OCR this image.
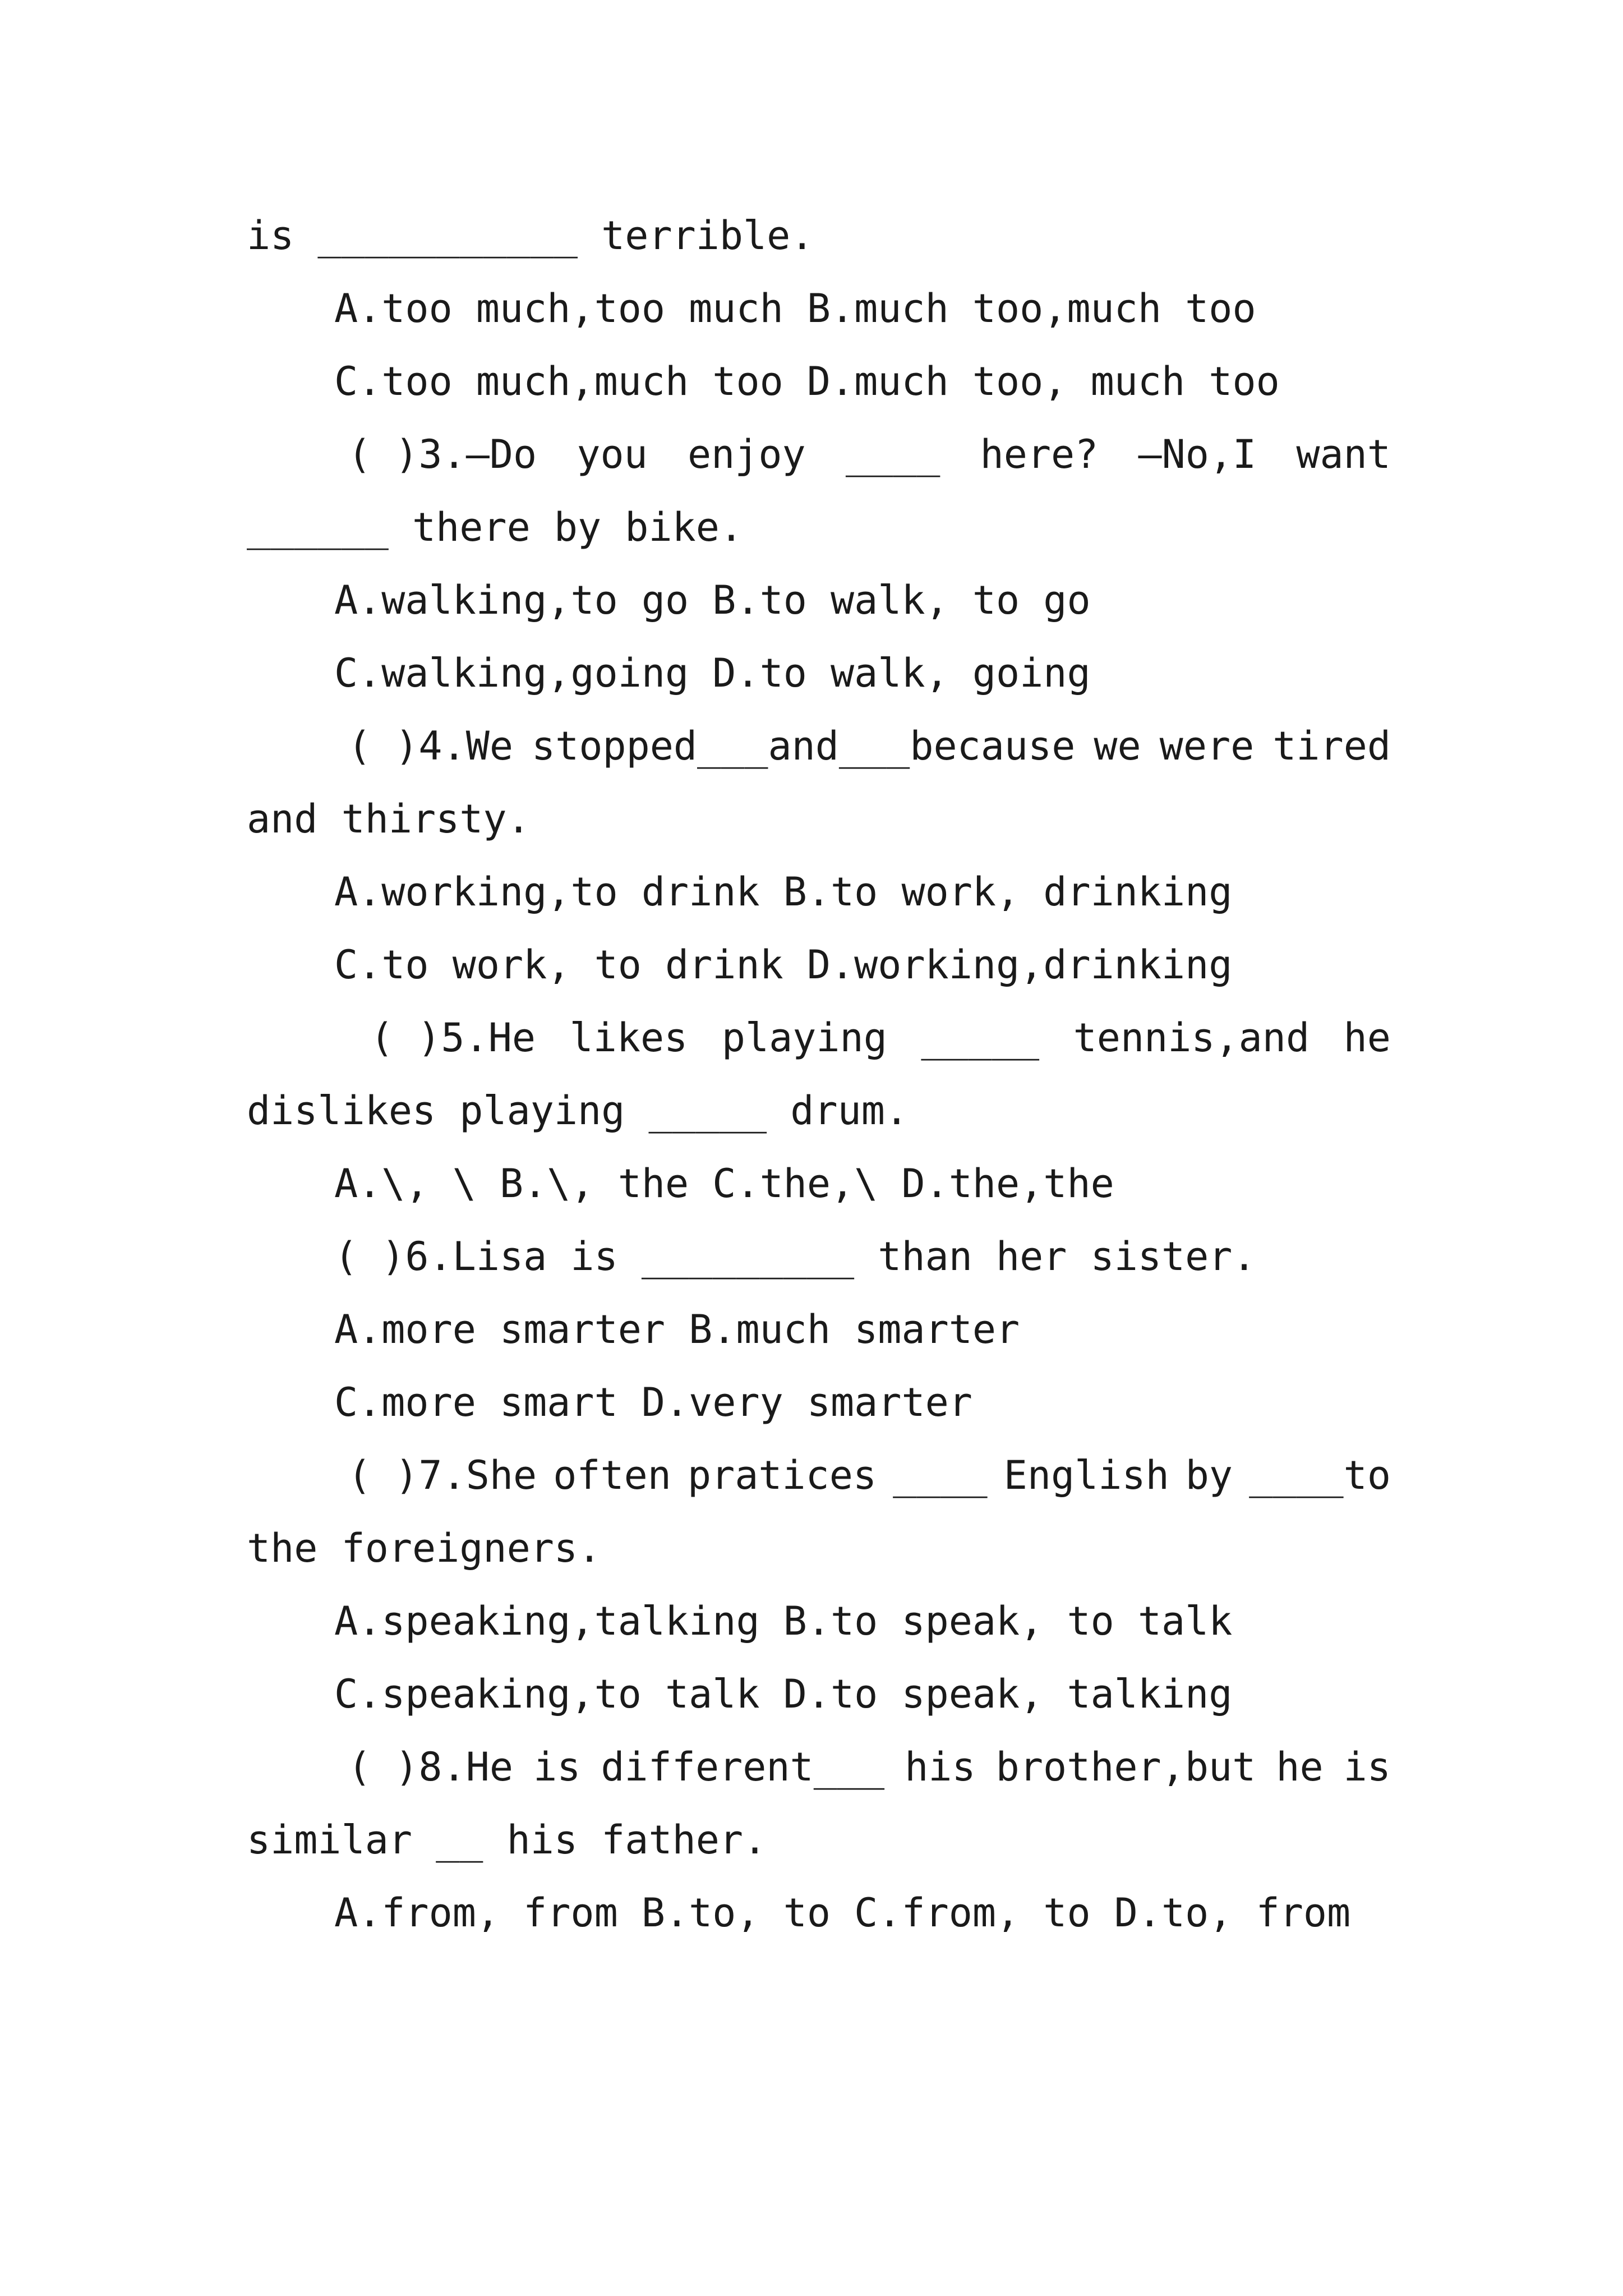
is ___________ terrible.
A.too much,too much B.much too,much too
C.too much,much too D.much too, much too
( )3.—Do you enjoy ____ here? —No,I want
______ there by bike.
A.walking,to go B.to walk, to go
C.walking,going D.to walk, going
( )4.We stopped___and___because we were tired
and thirsty.
A.working,to drink B.to work, drinking
C.to work, to drink D.working,drinking
( )5.He likes playing _____ tennis,and he
dislikes playing _____ drum.
A.\, \ B.\, the C.the,\ D.the,the
( )6.Lisa is _________ than her sister.
A.more smarter B.much smarter
C.more smart D.very smarter
( )7.She often pratices ____ English by ____to
the foreigners.
A.speaking,talking B.to speak, to talk
C.speaking,to talk D.to speak, talking
( )8.He is different___ his brother,but he is
similar __ his father.
A.from, from B.to, to C.from, to D.to, from
